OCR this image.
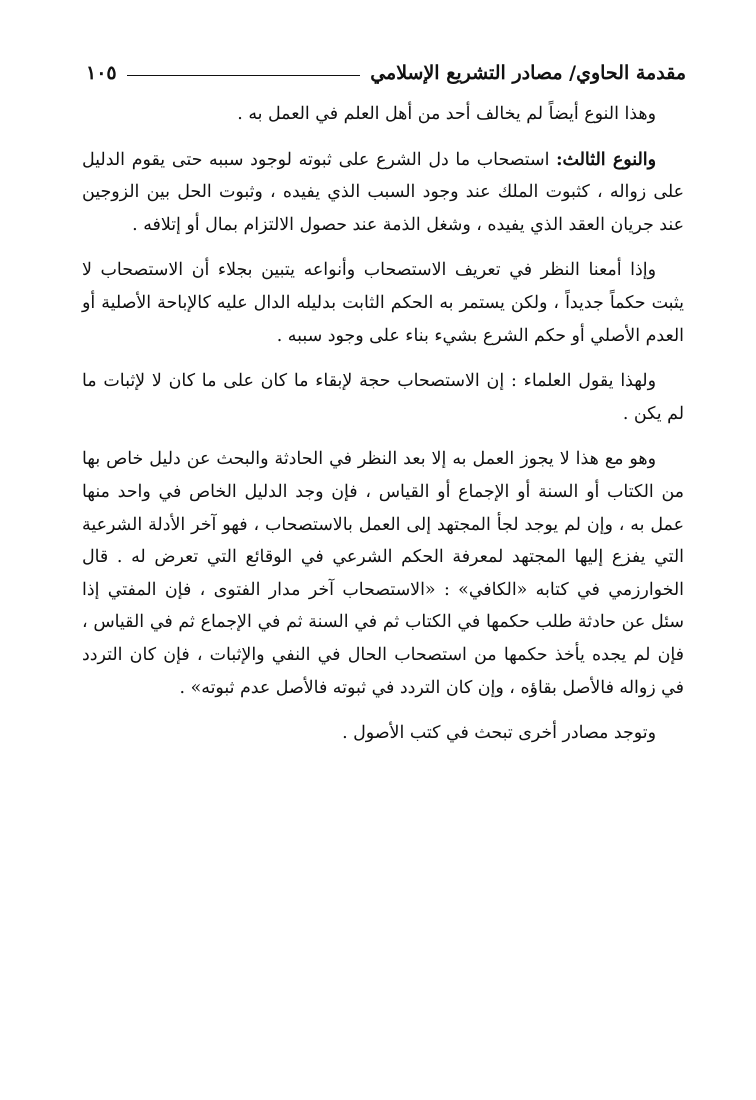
مقدمة الحاوي/ مصادر التشريع الإسلامي
١٠٥

وهذا النوع أيضاً لم يخالف أحد من أهل العلم في العمل به .

والنوع الثالث: استصحاب ما دل الشرع على ثبوته لوجود سببه حتى يقوم الدليل على زواله ، كثبوت الملك عند وجود السبب الذي يفيده ، وثبوت الحل بين الزوجين عند جريان العقد الذي يفيده ، وشغل الذمة عند حصول الالتزام بمال أو إتلافه .

وإذا أمعنا النظر في تعريف الاستصحاب وأنواعه يتبين بجلاء أن الاستصحاب لا يثبت حكماً جديداً ، ولكن يستمر به الحكم الثابت بدليله الدال عليه كالإباحة الأصلية أو العدم الأصلي أو حكم الشرع بشيء بناء على وجود سببه .

ولهذا يقول العلماء : إن الاستصحاب حجة لإبقاء ما كان على ما كان لا لإثبات ما لم يكن .

وهو مع هذا لا يجوز العمل به إلا بعد النظر في الحادثة والبحث عن دليل خاص بها من الكتاب أو السنة أو الإجماع أو القياس ، فإن وجد الدليل الخاص في واحد منها عمل به ، وإن لم يوجد لجأ المجتهد إلى العمل بالاستصحاب ، فهو آخر الأدلة الشرعية التي يفزع إليها المجتهد لمعرفة الحكم الشرعي في الوقائع التي تعرض له . قال الخوارزمي في كتابه «الكافي» : «الاستصحاب آخر مدار الفتوى ، فإن المفتي إذا سئل عن حادثة طلب حكمها في الكتاب ثم في السنة ثم في الإجماع ثم في القياس ، فإن لم يجده يأخذ حكمها من استصحاب الحال في النفي والإثبات ، فإن كان التردد في زواله فالأصل بقاؤه ، وإن كان التردد في ثبوته فالأصل عدم ثبوته» .

وتوجد مصادر أخرى تبحث في كتب الأصول .
